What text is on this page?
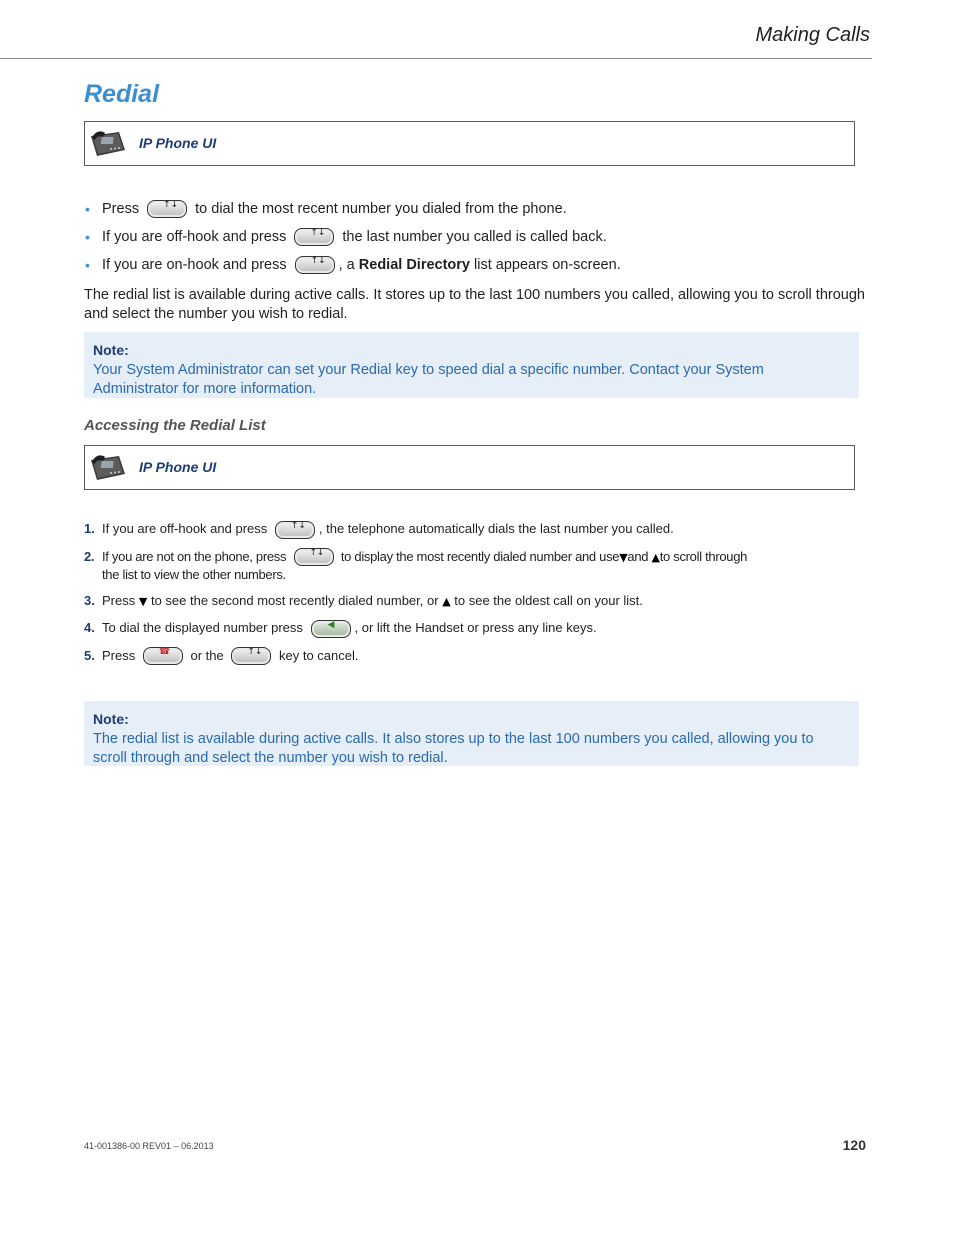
Making Calls
Redial
IP Phone UI
• Press	↑↓ to dial the most recent number you dialed from the phone.
• If you are off-hook and press	↑↓ the last number you called is called back.
• If you are on-hook and press	↑↓ , a Redial Directory list appears on-screen.
The redial list is available during active calls. It stores up to the last 100 numbers you called, allowing you to scroll through and select the number you wish to redial.
Note:
Your System Administrator can set your Redial key to speed dial a specific number. Contact your System Administrator for more information.
Accessing the Redial List
IP Phone UI
1. If you are off-hook and press	↑↓ , the telephone automatically dials the last number you called.
2. If you are not on the phone, press	↑↓ to display the most recently dialed number and use▼and ▲to scroll through
the list to view the other numbers.
3. Press ▼ to see the second most recently dialed number, or ▲ to see the oldest call on your list.
4. To dial the displayed number press	◀ , or lift the Handset or press any line keys.
5. Press	☎ or the	↑↓ key to cancel.
Note:
The redial list is available during active calls. It also stores up to the last 100 numbers you called, allowing you to scroll through and select the number you wish to redial.
41-001386-00 REV01 – 06.2013	120
